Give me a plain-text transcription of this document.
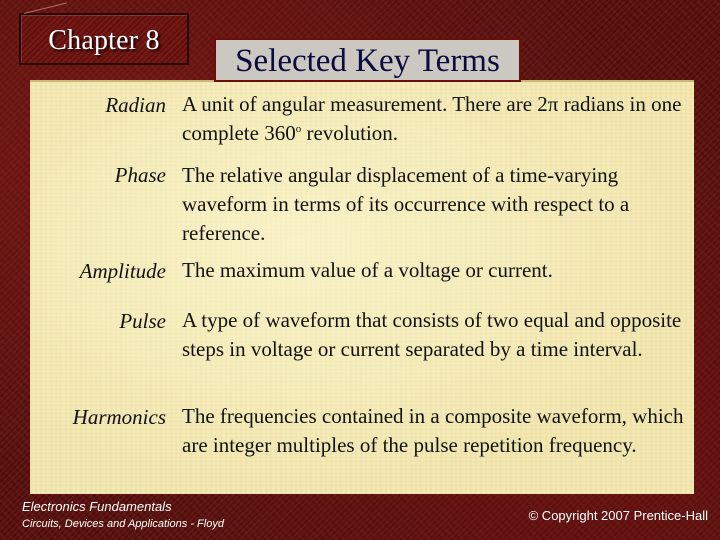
Chapter 8
Selected Key Terms
Radian A unit of angular measurement. There are 2π radians in one complete 360$^o$ revolution.
Phase The relative angular displacement of a time-varying waveform in terms of its occurrence with respect to a reference.
Amplitude The maximum value of a voltage or current.
Pulse A type of waveform that consists of two equal and opposite steps in voltage or current separated by a time interval.
Harmonics The frequencies contained in a composite waveform, which are integer multiples of the pulse repetition frequency.
Electronics Fundamentals
Circuits, Devices and Applications - Floyd
© Copyright 2007 Prentice-Hall
